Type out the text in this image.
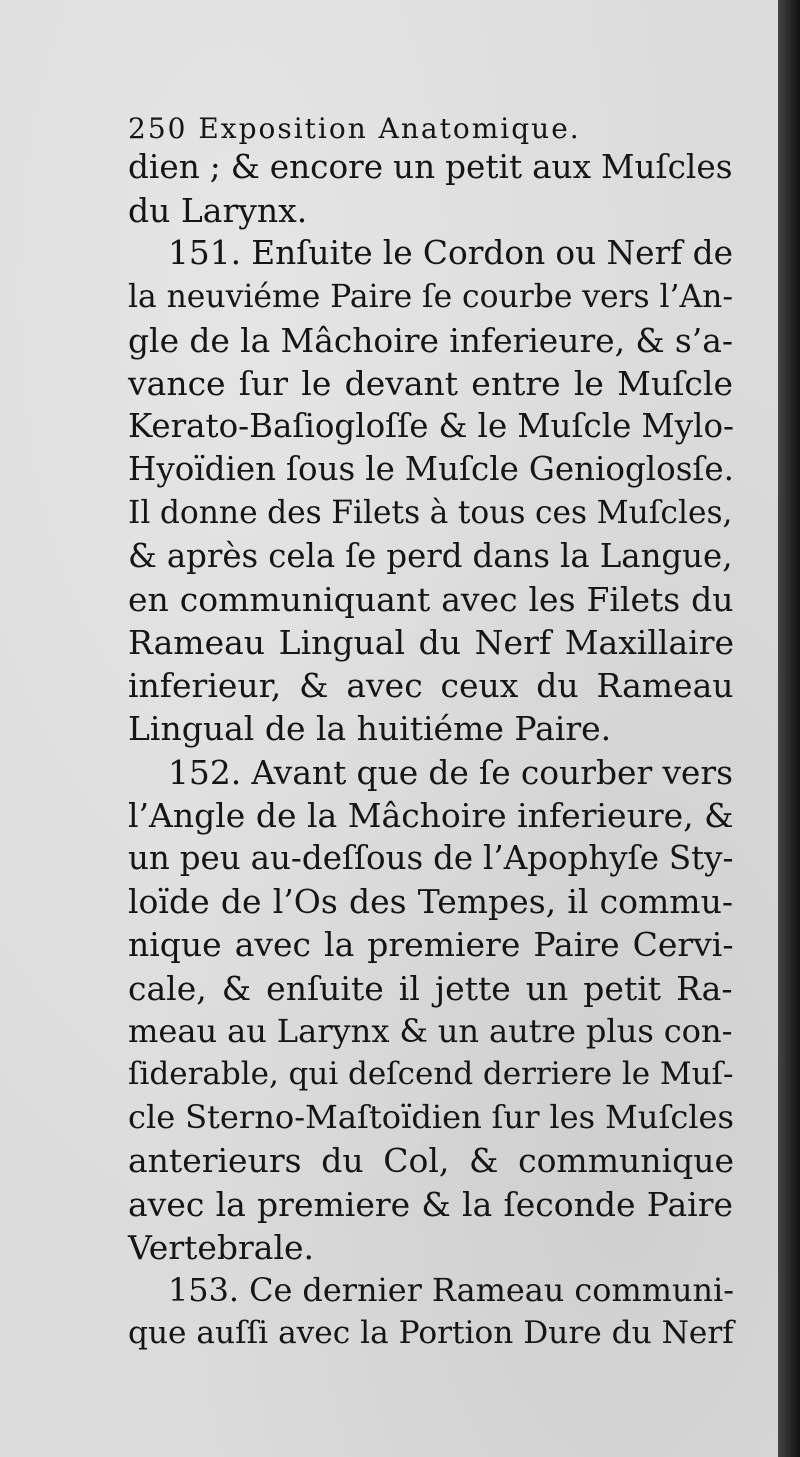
250 Exposition Anatomique.
dien ; & encore un petit aux Muſcles
du Larynx.
151. Enſuite le Cordon ou Nerf de
la neuviéme Paire ſe courbe vers l’An-
gle de la Mâchoire inferieure, & s’a-
vance ſur le devant entre le Muſcle
Kerato-Baſiogloſſe & le Muſcle Mylo-
Hyoïdien ſous le Muſcle Genioglosſe.
Il donne des Filets à tous ces Muſcles,
& après cela ſe perd dans la Langue,
en communiquant avec les Filets du
Rameau Lingual du Nerf Maxillaire
inferieur, & avec ceux du Rameau
Lingual de la huitiéme Paire.
152. Avant que de ſe courber vers
l’Angle de la Mâchoire inferieure, &
un peu au-deſſous de l’Apophyſe Sty-
loïde de l’Os des Tempes, il commu-
nique avec la premiere Paire Cervi-
cale, & enſuite il jette un petit Ra-
meau au Larynx & un autre plus con-
ſiderable, qui deſcend derriere le Muſ-
cle Sterno-Maſtoïdien ſur les Muſcles
anterieurs du Col, & communique
avec la premiere & la ſeconde Paire
Vertebrale.
153. Ce dernier Rameau communi-
que auſſi avec la Portion Dure du Nerf
